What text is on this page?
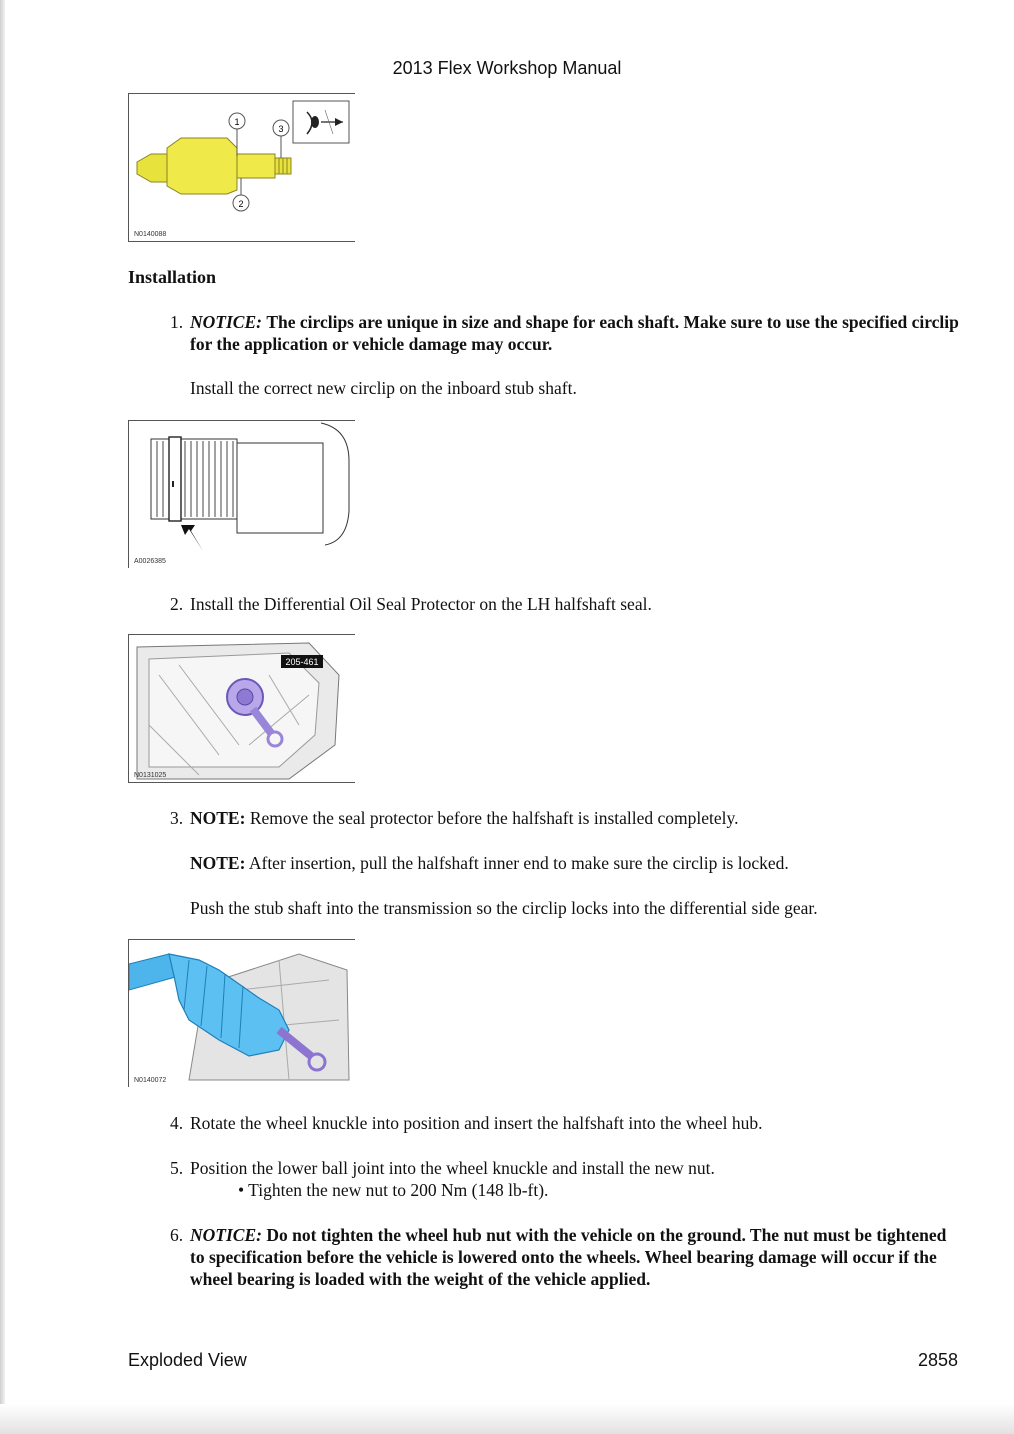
2013 Flex Workshop Manual
1
2
3
N0140088
Installation
1. NOTICE: The circlips are unique in size and shape for each shaft. Make sure to use the specified circlip for the application or vehicle damage may occur.
Install the correct new circlip on the inboard stub shaft.
A0026385
2. Install the Differential Oil Seal Protector on the LH halfshaft seal.
205-461
N0131025
3. NOTE: Remove the seal protector before the halfshaft is installed completely.
NOTE: After insertion, pull the halfshaft inner end to make sure the circlip is locked.
Push the stub shaft into the transmission so the circlip locks into the differential side gear.
N0140072
4. Rotate the wheel knuckle into position and insert the halfshaft into the wheel hub.
5. Position the lower ball joint into the wheel knuckle and install the new nut.
• Tighten the new nut to 200 Nm (148 lb-ft).
6. NOTICE: Do not tighten the wheel hub nut with the vehicle on the ground. The nut must be tightened to specification before the vehicle is lowered onto the wheels. Wheel bearing damage will occur if the wheel bearing is loaded with the weight of the vehicle applied.
Exploded View	2858
